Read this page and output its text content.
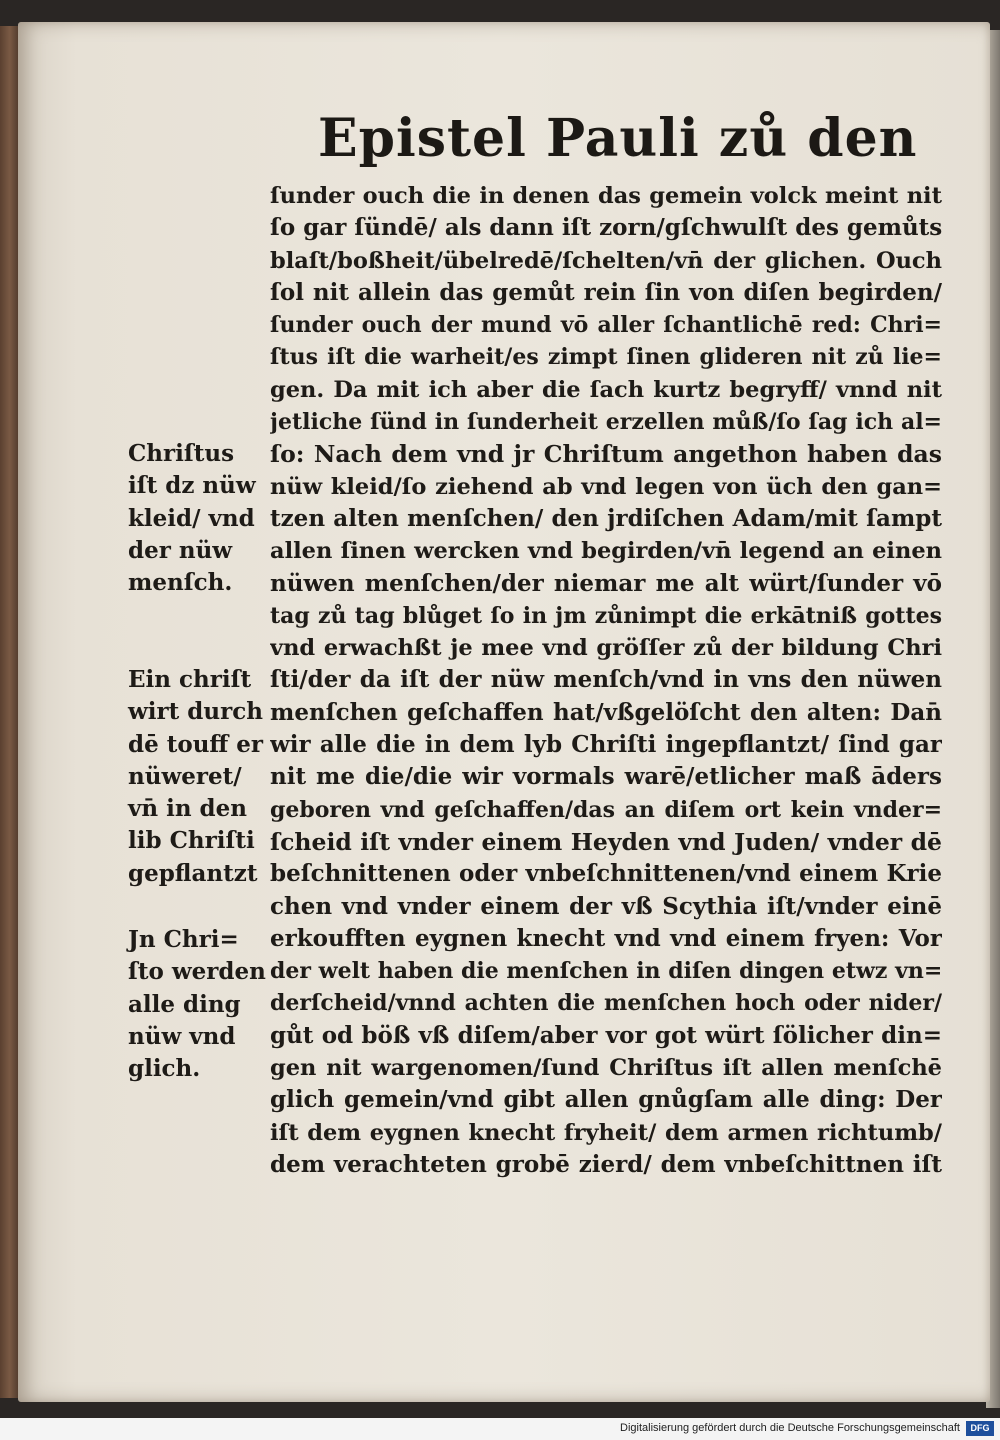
Epistel Pauli zů den
ſunder ouch die in denen das gemein volck meint nit
ſo gar ſündē/ als dann iſt zorn/gſchwulſt des gemůts
blaſt/boßheit/übelredē/ſchelten/vn̄ der glichen. Ouch
ſol nit allein das gemůt rein ſin von diſen begirden/
ſunder ouch der mund vō aller ſchantlichē red: Chri=
ſtus iſt die warheit/es zimpt ſinen glideren nit zů lie=
gen. Da mit ich aber die ſach kurtz begryff/ vnnd nit
jetliche ſünd in ſunderheit erzellen můß/ſo ſag ich al=
ſo: Nach dem vnd jr Chriſtum angethon haben das
nüw kleid/ſo ziehend ab vnd legen von üch den gan=
tzen alten menſchen/ den jrdiſchen Adam/mit ſampt
allen ſinen wercken vnd begirden/vn̄ legend an einen
nüwen menſchen/der niemar me alt würt/ſunder vō
tag zů tag blůget ſo in jm zůnimpt die erkātniß gottes
vnd erwachßt je mee vnd gröſſer zů der bildung Chri
ſti/der da iſt der nüw menſch/vnd in vns den nüwen
menſchen geſchaffen hat/vßgelöſcht den alten: Dan̄
wir alle die in dem lyb Chriſti ingepflantzt/ ſind gar
nit me die/die wir vormals warē/etlicher maß āders
geboren vnd geſchaffen/das an diſem ort kein vnder=
ſcheid iſt vnder einem Heyden vnd Juden/ vnder dē
beſchnittenen oder vnbeſchnittenen/vnd einem Krie
chen vnd vnder einem der vß Scythia iſt/vnder einē
erkoufften eygnen knecht vnd vnd einem fryen: Vor
der welt haben die menſchen in diſen dingen etwz vn=
derſcheid/vnnd achten die menſchen hoch oder nider/
gůt od böß vß diſem/aber vor got würt ſölicher din=
gen nit wargenomen/ſund Chriſtus iſt allen menſchē
glich gemein/vnd gibt allen gnůgſam alle ding: Der
iſt dem eygnen knecht fryheit/ dem armen richtumb/
dem verachteten grobē zierd/ dem vnbeſchittnen iſt
Chriſtus
iſt dz nüw
kleid/ vnd
der nüw
menſch.
Ein chriſt
wirt durch
dē touff er
nüweret/
vn̄ in den
lib Chriſti
gepflantzt
Jn Chri=
ſto werden
alle ding
nüw vnd
glich.
Digitalisierung gefördert durch die Deutsche Forschungsgemeinschaft	DFG
